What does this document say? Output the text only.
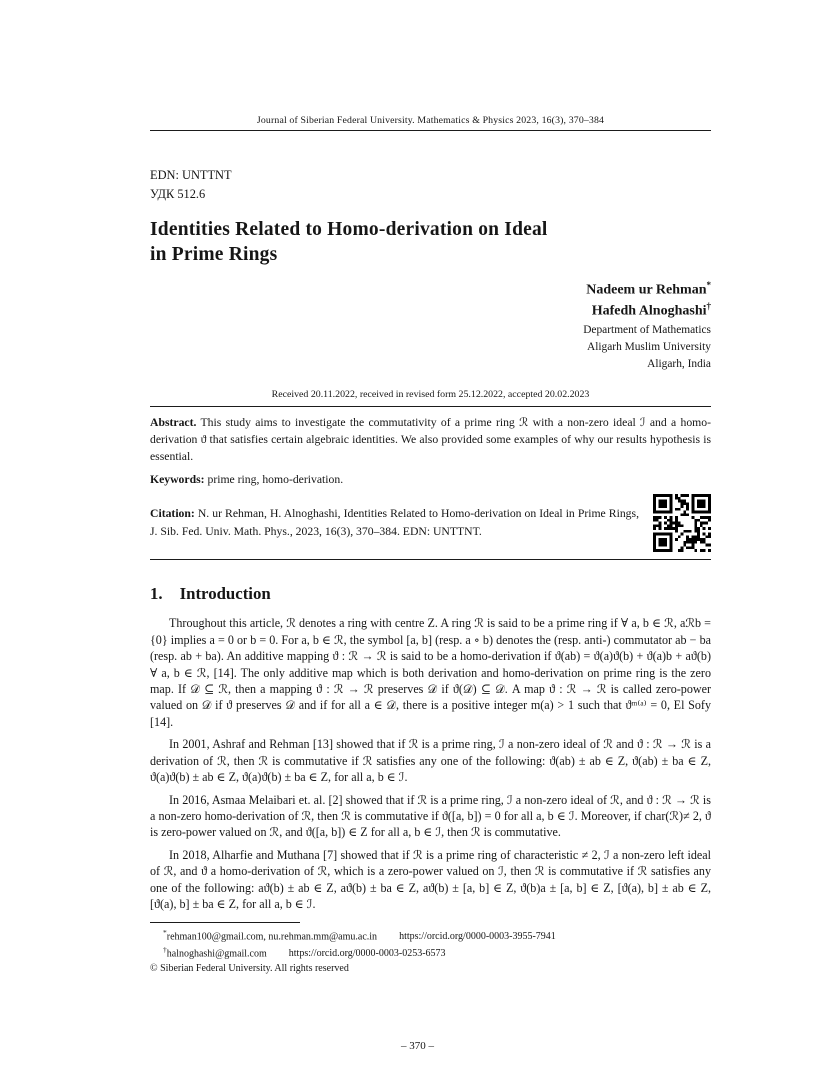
Journal of Siberian Federal University. Mathematics & Physics 2023, 16(3), 370–384

EDN: UNTTNT

УДК 512.6

Identities Related to Homo-derivation on Ideal
in Prime Rings
Nadeem ur Rehman*
Hafedh Alnoghashi†
Department of Mathematics
Aligarh Muslim University
Aligarh, India
Received 20.11.2022, received in revised form 25.12.2022, accepted 20.02.2023

Abstract. This study aims to investigate the commutativity of a prime ring ℛ with a non-zero ideal ℐ and a homo-derivation ϑ that satisfies certain algebraic identities. We also provided some examples of why our results hypothesis is essential.

Keywords: prime ring, homo-derivation.

Citation: N. ur Rehman, H. Alnoghashi, Identities Related to Homo-derivation on Ideal in Prime Rings, J. Sib. Fed. Univ. Math. Phys., 2023, 16(3), 370–384. EDN: UNTTNT.

1. Introduction

Throughout this article, ℛ denotes a ring with centre Z. A ring ℛ is said to be a prime ring if ∀ a, b ∈ ℛ, aℛb = {0} implies a = 0 or b = 0. For a, b ∈ ℛ, the symbol [a, b] (resp. a ∘ b) denotes the (resp. anti-) commutator ab − ba (resp. ab + ba). An additive mapping ϑ : ℛ → ℛ is said to be a homo-derivation if ϑ(ab) = ϑ(a)ϑ(b) + ϑ(a)b + aϑ(b) ∀ a, b ∈ ℛ, [14]. The only additive map which is both derivation and homo-derivation on prime ring is the zero map. If 𝒟 ⊆ ℛ, then a mapping ϑ : ℛ → ℛ preserves 𝒟 if ϑ(𝒟) ⊆ 𝒟. A map ϑ : ℛ → ℛ is called zero-power valued on 𝒟 if ϑ preserves 𝒟 and if for all a ∈ 𝒟, there is a positive integer m(a) > 1 such that ϑᵐ⁽ᵃ⁾ = 0, El Sofy [14].

In 2001, Ashraf and Rehman [13] showed that if ℛ is a prime ring, ℐ a non-zero ideal of ℛ and ϑ : ℛ → ℛ is a derivation of ℛ, then ℛ is commutative if ℛ satisfies any one of the following: ϑ(ab) ± ab ∈ Z, ϑ(ab) ± ba ∈ Z, ϑ(a)ϑ(b) ± ab ∈ Z, ϑ(a)ϑ(b) ± ba ∈ Z, for all a, b ∈ ℐ.

In 2016, Asmaa Melaibari et. al. [2] showed that if ℛ is a prime ring, ℐ a non-zero ideal of ℛ, and ϑ : ℛ → ℛ is a non-zero homo-derivation of ℛ, then ℛ is commutative if ϑ([a, b]) = 0 for all a, b ∈ ℐ. Moreover, if char(ℛ)≠ 2, ϑ is zero-power valued on ℛ, and ϑ([a, b]) ∈ Z for all a, b ∈ ℐ, then ℛ is commutative.

In 2018, Alharfie and Muthana [7] showed that if ℛ is a prime ring of characteristic ≠ 2, ℐ a non-zero left ideal of ℛ, and ϑ a homo-derivation of ℛ, which is a zero-power valued on ℐ, then ℛ is commutative if ℛ satisfies any one of the following: aϑ(b) ± ab ∈ Z, aϑ(b) ± ba ∈ Z, aϑ(b) ± [a, b] ∈ Z, ϑ(b)a ± [a, b] ∈ Z, [ϑ(a), b] ± ab ∈ Z, [ϑ(a), b] ± ba ∈ Z, for all a, b ∈ ℐ.

*rehman100@gmail.com, nu.rehman.mm@amu.ac.in https://orcid.org/0000-0003-3955-7941
†halnoghashi@gmail.com https://orcid.org/0000-0003-0253-6573
© Siberian Federal University. All rights reserved
– 370 –
